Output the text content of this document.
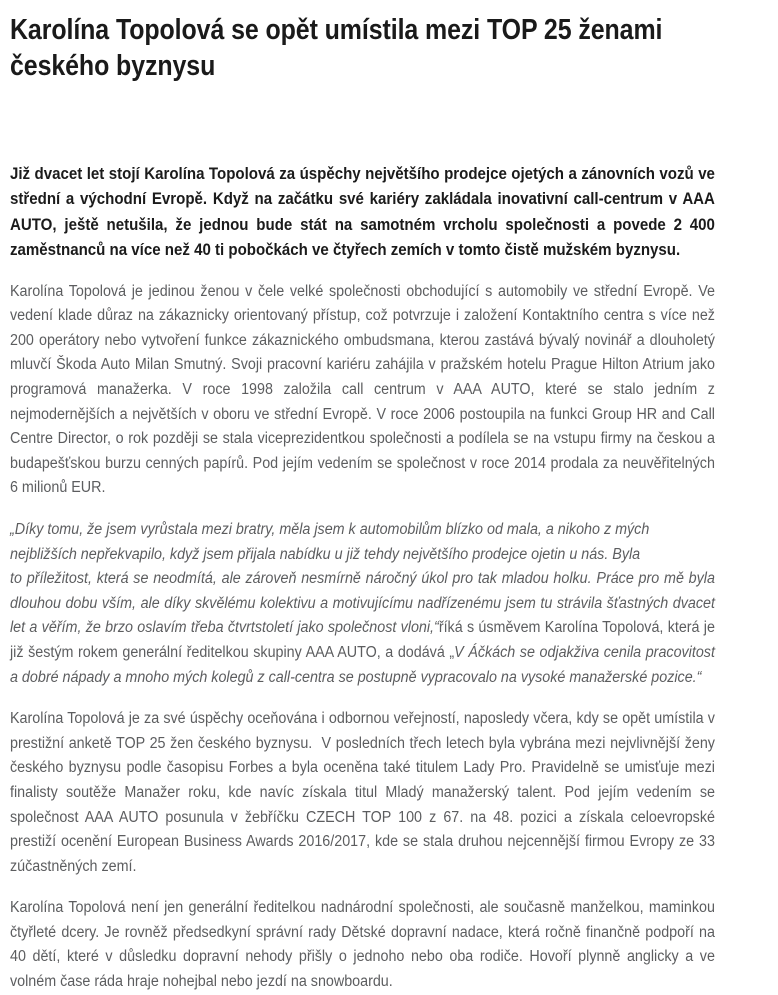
Karolína Topolová se opět umístila mezi TOP 25 ženami českého byznysu

Již dvacet let stojí Karolína Topolová za úspěchy největšího prodejce ojetých a zánovních vozů ve střední a východní Evropě. Když na začátku své kariéry zakládala inovativní call-centrum v AAA AUTO, ještě netušila, že jednou bude stát na samotném vrcholu společnosti a povede 2 400 zaměstnanců na více než 40 ti pobočkách ve čtyřech zemích v tomto čistě mužském byznysu.

Karolína Topolová je jedinou ženou v čele velké společnosti obchodující s automobily ve střední Evropě. Ve vedení klade důraz na zákaznicky orientovaný přístup, což potvrzuje i založení Kontaktního centra s více než 200 operátory nebo vytvoření funkce zákaznického ombudsmana, kterou zastává bývalý novinář a dlouholetý mluvčí Škoda Auto Milan Smutný. Svoji pracovní kariéru zahájila v pražském hotelu Prague Hilton Atrium jako programová manažerka. V roce 1998 založila call centrum v AAA AUTO, které se stalo jedním z nejmodernějších a největších v oboru ve střední Evropě. V roce 2006 postoupila na funkci Group HR and Call Centre Director, o rok později se stala viceprezidentkou společnosti a podílela se na vstupu firmy na českou a budapešťskou burzu cenných papírů. Pod jejím vedením se společnost v roce 2014 prodala za neuvěřitelných 6 milionů EUR.

„Díky tomu, že jsem vyrůstala mezi bratry, měla jsem k automobilům blízko od mala, a nikoho z mých nejbližších nepřekvapilo, když jsem přijala nabídku u již tehdy největšího prodejce ojetin u nás. Byla
to příležitost, která se neodmítá, ale zároveň nesmírně náročný úkol pro tak mladou holku. Práce pro mě byla dlouhou dobu vším, ale díky skvělému kolektivu a motivujícímu nadřízenému jsem tu strávila šťastných dvacet let a věřím, že brzo oslavím třeba čtvrtstoletí jako společnost vloni,“říká s úsměvem Karolína Topolová, která je již šestým rokem generální ředitelkou skupiny AAA AUTO, a dodává „V Áčkách se odjakživa cenila pracovitost a dobré nápady a mnoho mých kolegů z call-centra se postupně vypracovalo na vysoké manažerské pozice.“

Karolína Topolová je za své úspěchy oceňována i odbornou veřejností, naposledy včera, kdy se opět umístila v prestižní anketě TOP 25 žen českého byznysu. V posledních třech letech byla vybrána mezi nejvlivnější ženy českého byznysu podle časopisu Forbes a byla oceněna také titulem Lady Pro. Pravidelně se umisťuje mezi finalisty soutěže Manažer roku, kde navíc získala titul Mladý manažerský talent. Pod jejím vedením se společnost AAA AUTO posunula v žebříčku CZECH TOP 100 z 67. na 48. pozici a získala celoevropské prestiží ocenění European Business Awards 2016/2017, kde se stala druhou nejcennější firmou Evropy ze 33 zúčastněných zemí.

Karolína Topolová není jen generální ředitelkou nadnárodní společnosti, ale současně manželkou, maminkou čtyřleté dcery. Je rovněž předsedkyní správní rady Dětské dopravní nadace, která ročně finančně podpoří na 40 dětí, které v důsledku dopravní nehody přišly o jednoho nebo oba rodiče. Hovoří plynně anglicky a ve volném čase ráda hraje nohejbal nebo jezdí na snowboardu.
